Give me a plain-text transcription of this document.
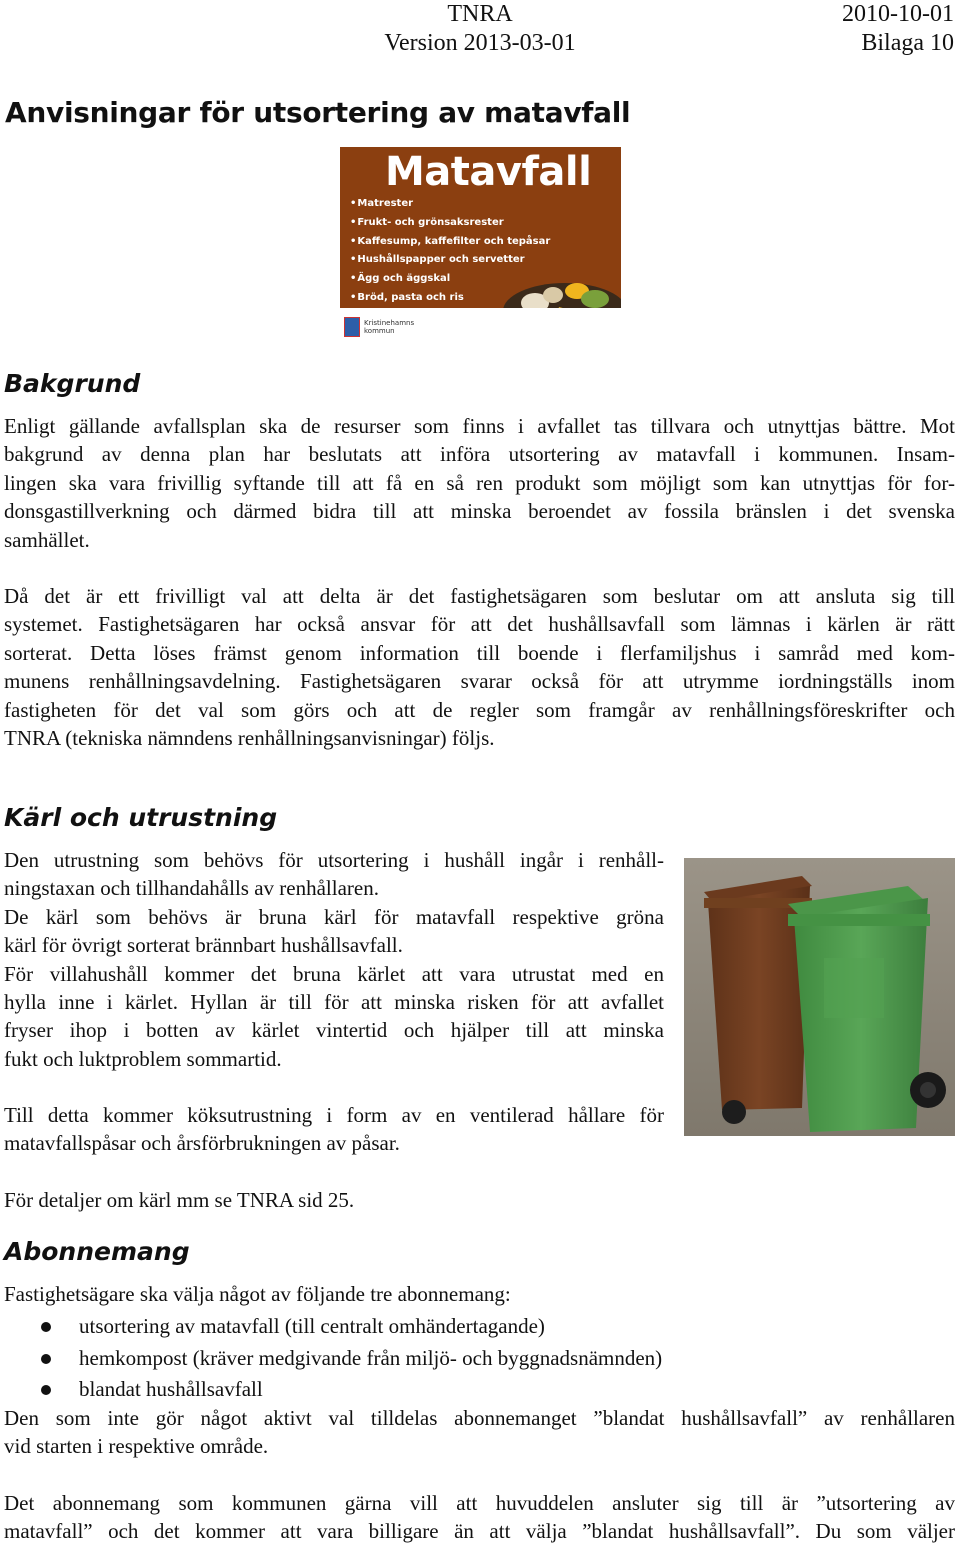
TNRA
Version 2013-03-01
2010-10-01
Bilaga 10
Anvisningar för utsortering av matavfall
Matavfall
• Matrester
• Frukt- och grönsaksrester
• Kaffesump, kaffefilter och tepåsar
• Hushållspapper och servetter
• Ägg och äggskal
• Bröd, pasta och ris
Kristinehamns
kommun
Bakgrund

Enligt gällande avfallsplan ska de resurser som finns i avfallet tas tillvara och utnyttjas bättre. Mot
bakgrund av denna plan har beslutats att införa utsortering av matavfall i kommunen. Insam-
lingen ska vara frivillig syftande till att få en så ren produkt som möjligt som kan utnyttjas för for-
donsgastillverkning och därmed bidra till att minska beroendet av fossila bränslen i det svenska
samhället.

Då det är ett frivilligt val att delta är det fastighetsägaren som beslutar om att ansluta sig till
systemet. Fastighetsägaren har också ansvar för att det hushållsavfall som lämnas i kärlen är rätt
sorterat. Detta löses främst genom information till boende i flerfamiljshus i samråd med kom-
munens renhållningsavdelning. Fastighetsägaren svarar också för att utrymme iordningställs inom
fastigheten för det val som görs och att de regler som framgår av renhållningsföreskrifter och
TNRA (tekniska nämndens renhållningsanvisningar) följs.

Kärl och utrustning

Den utrustning som behövs för utsortering i hushåll ingår i renhåll-
ningstaxan och tillhandahålls av renhållaren.
De kärl som behövs är bruna kärl för matavfall respektive gröna
kärl för övrigt sorterat brännbart hushållsavfall.
För villahushåll kommer det bruna kärlet att vara utrustat med en
hylla inne i kärlet. Hyllan är till för att minska risken för att avfallet
fryser ihop i botten av kärlet vintertid och hjälper till att minska
fukt och luktproblem sommartid.

Till detta kommer köksutrustning i form av en ventilerad hållare för
matavfallspåsar och årsförbrukningen av påsar.

För detaljer om kärl mm se TNRA sid 25.

Abonnemang

Fastighetsägare ska välja något av följande tre abonnemang:

utsortering av matavfall (till centralt omhändertagande)
hemkompost (kräver medgivande från miljö- och byggnadsnämnden)
blandat hushållsavfall

Den som inte gör något aktivt val tilldelas abonnemanget ”blandat hushållsavfall” av renhållaren
vid starten i respektive område.

Det abonnemang som kommunen gärna vill att huvuddelen ansluter sig till är ”utsortering av
matavfall” och det kommer att vara billigare än att välja ”blandat hushållsavfall”. Du som väljer
